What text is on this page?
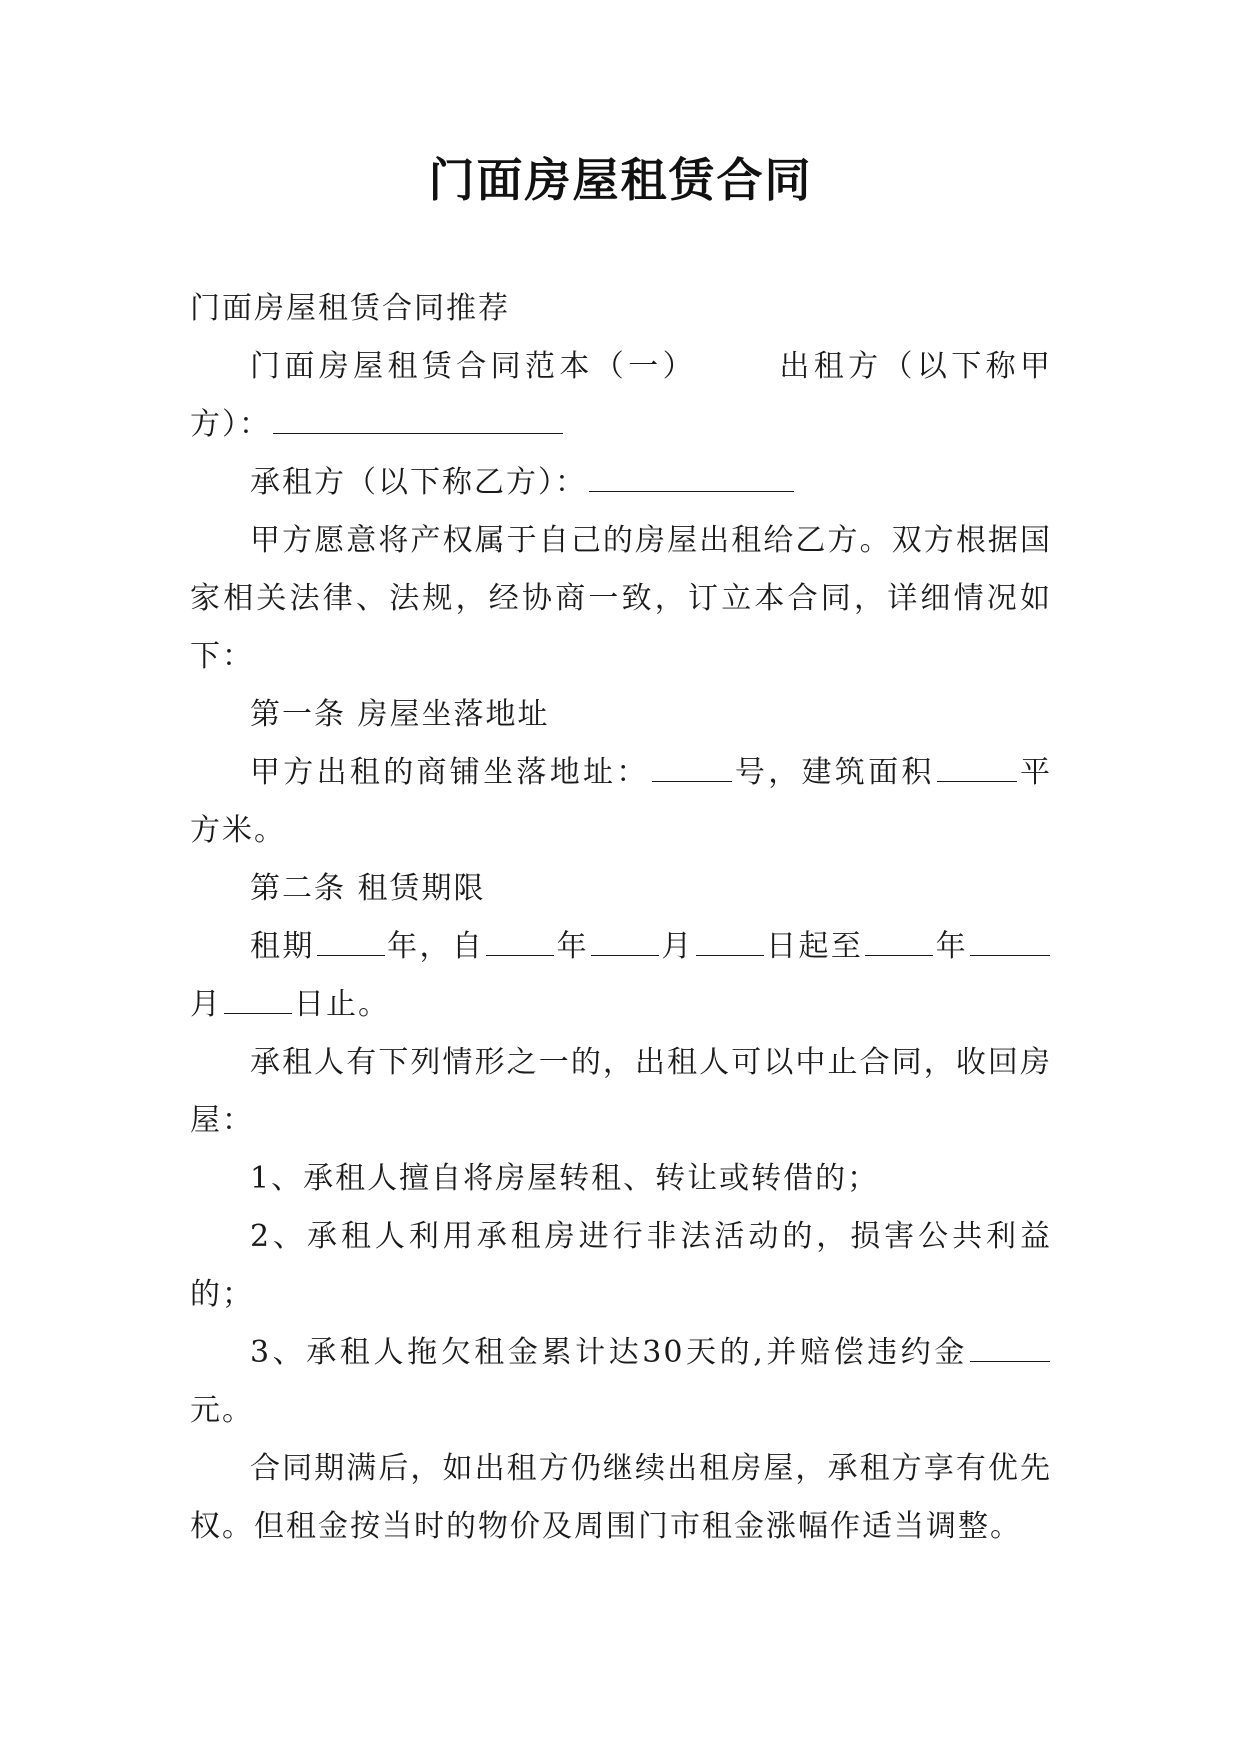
门面房屋租赁合同

门面房屋租赁合同推荐

门面房屋租赁合同范本（一）	出租方（以下称甲方）：

承租方（以下称乙方）：

甲方愿意将产权属于自己的房屋出租给乙方。双方根据国家相关法律、法规，经协商一致，订立本合同，详细情况如下：

第一条 房屋坐落地址

甲方出租的商铺坐落地址：	号，建筑面积	平方米。

第二条 租赁期限

租期 年，自 年 月 日起至 年月 日止。

承租人有下列情形之一的，出租人可以中止合同，收回房屋：

1、承租人擅自将房屋转租、转让或转借的；

2、承租人利用承租房进行非法活动的，损害公共利益的；

3、承租人拖欠租金累计达30天的,并赔偿违约金元。

合同期满后，如出租方仍继续出租房屋，承租方享有优先权。但租金按当时的物价及周围门市租金涨幅作适当调整。
